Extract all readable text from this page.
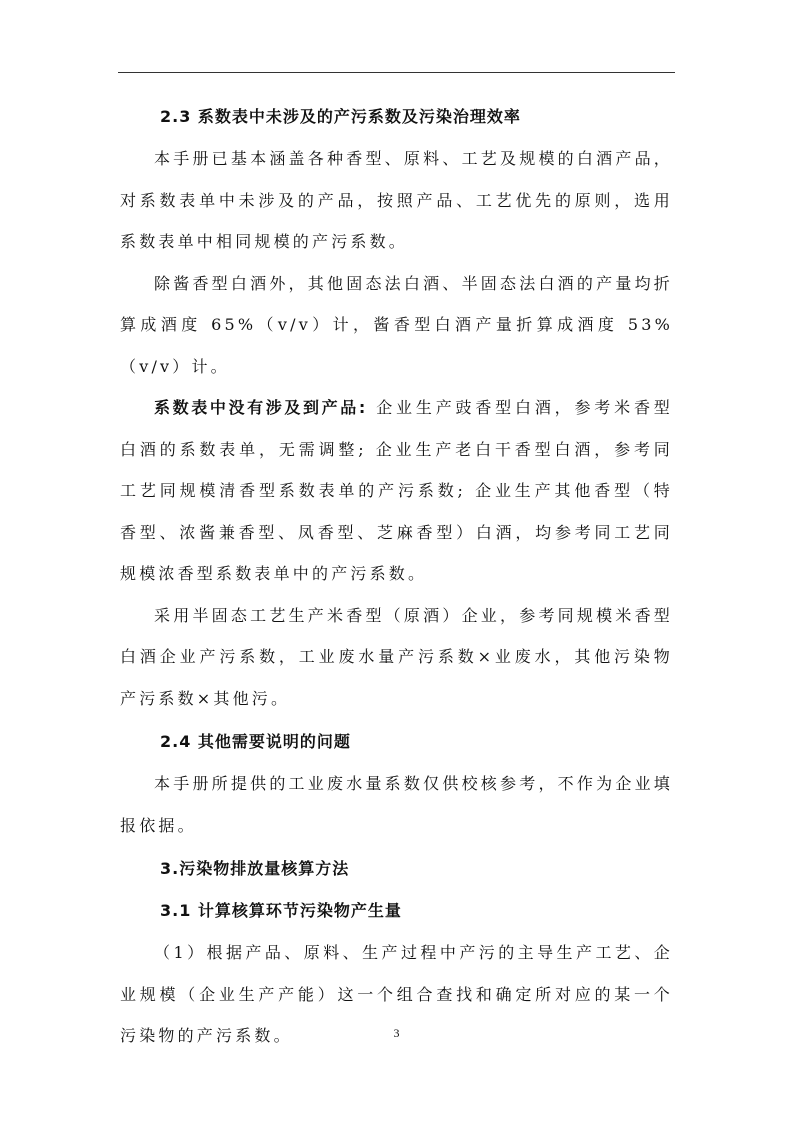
2.3 系数表中未涉及的产污系数及污染治理效率

本手册已基本涵盖各种香型、原料、工艺及规模的白酒产品，对系数表单中未涉及的产品，按照产品、工艺优先的原则，选用系数表单中相同规模的产污系数。

除酱香型白酒外，其他固态法白酒、半固态法白酒的产量均折算成酒度 65%（v/v）计，酱香型白酒产量折算成酒度 53%（v/v）计。

系数表中没有涉及到产品: 企业生产豉香型白酒，参考米香型白酒的系数表单，无需调整; 企业生产老白干香型白酒，参考同工艺同规模清香型系数表单的产污系数; 企业生产其他香型（特香型、浓酱兼香型、凤香型、芝麻香型）白酒，均参考同工艺同规模浓香型系数表单中的产污系数。

采用半固态工艺生产米香型（原酒）企业，参考同规模米香型白酒企业产污系数，工业废水量产污系数×业废水，其他污染物产污系数×其他污。

2.4 其他需要说明的问题

本手册所提供的工业废水量系数仅供校核参考，不作为企业填报依据。

3.污染物排放量核算方法
3.1 计算核算环节污染物产生量

（1）根据产品、原料、生产过程中产污的主导生产工艺、企业规模（企业生产产能）这一个组合查找和确定所对应的某一个污染物的产污系数。	3
